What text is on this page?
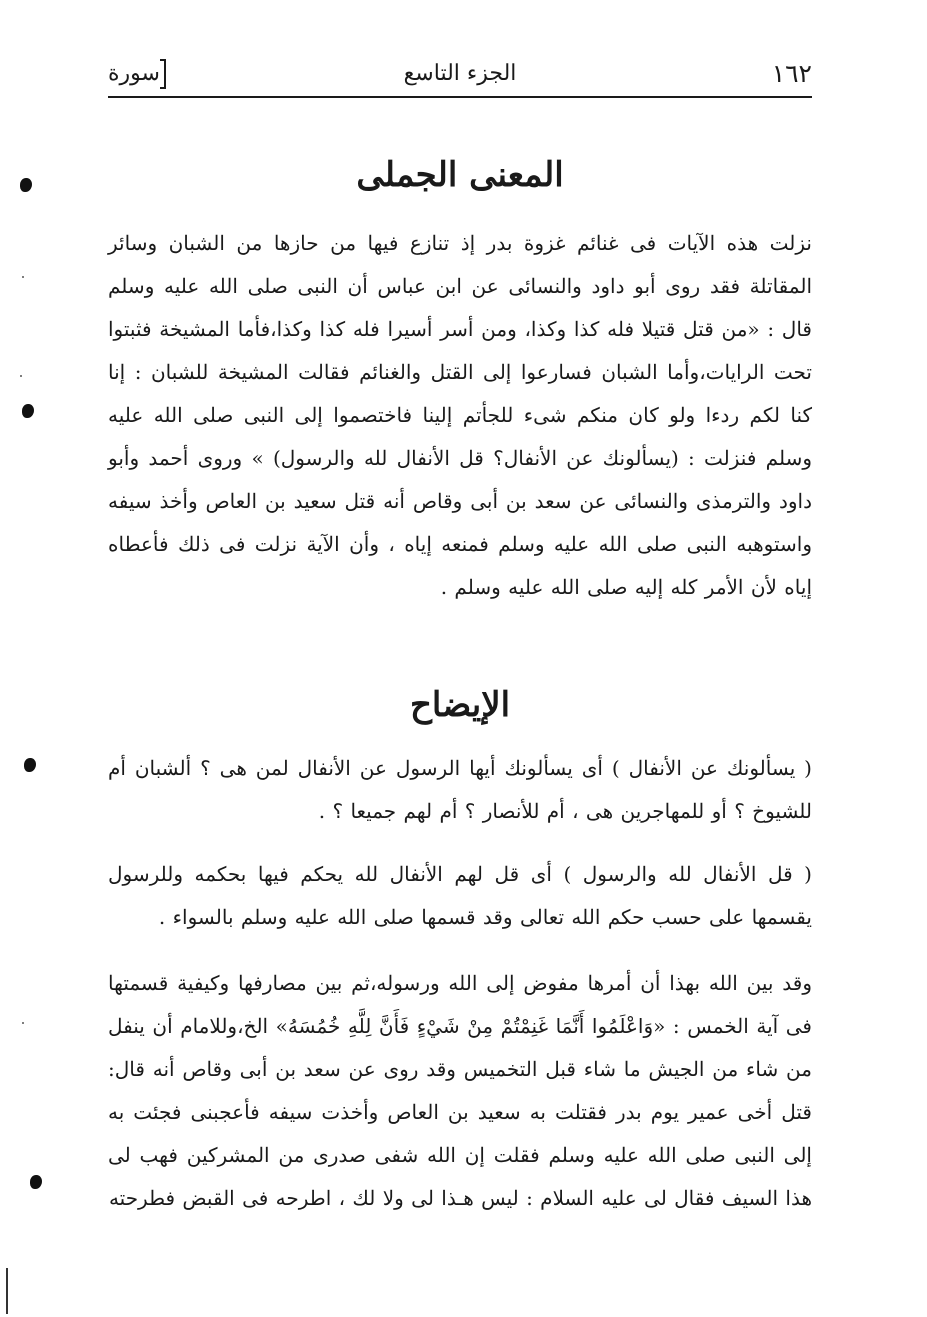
١٦٢
الجزء التاسع
سورة
المعنى الجملى

نزلت هذه الآيات فى غنائم غزوة بدر إذ تنازع فيها من حازها من الشبان وسائر المقاتلة فقد روى أبو داود والنسائى عن ابن عباس أن النبى صلى الله عليه وسلم قال : «من قتل قتيلا فله كذا وكذا، ومن أسر أسيرا فله كذا وكذا،فأما المشيخة فثبتوا تحت الرايات،وأما الشبان فسارعوا إلى القتل والغنائم فقالت المشيخة للشبان : إنا كنا لكم ردءا ولو كان منكم شىء للجأتم إلينا فاختصموا إلى النبى صلى الله عليه وسلم فنزلت : (يسألونك عن الأنفال؟ قل الأنفال لله والرسول) » وروى أحمد وأبو داود والترمذى والنسائى عن سعد بن أبى وقاص أنه قتل سعيد بن العاص وأخذ سيفه واستوهبه النبى صلى الله عليه وسلم فمنعه إياه ، وأن الآية نزلت فى ذلك فأعطاه إياه لأن الأمر كله إليه صلى الله عليه وسلم .

الإيضاح

( يسألونك عن الأنفال ) أى يسألونك أيها الرسول عن الأنفال لمن هى ؟ ألشبان أم للشيوخ ؟ أو للمهاجرين هى ، أم للأنصار ؟ أم لهم جميعا ؟ .

( قل الأنفال لله والرسول ) أى قل لهم الأنفال لله يحكم فيها بحكمه وللرسول يقسمها على حسب حكم الله تعالى وقد قسمها صلى الله عليه وسلم بالسواء .

وقد بين الله بهذا أن أمرها مفوض إلى الله ورسوله،ثم بين مصارفها وكيفية قسمتها فى آية الخمس : «وَاعْلَمُوا أَنَّمَا غَنِمْتُمْ مِنْ شَيْءٍ فَأَنَّ لِلَّهِ خُمُسَهُ» الخ،وللامام أن ينفل من شاء من الجيش ما شاء قبل التخميس وقد روى عن سعد بن أبى وقاص أنه قال: قتل أخى عمير يوم بدر فقتلت به سعيد بن العاص وأخذت سيفه فأعجبنى فجئت به إلى النبى صلى الله عليه وسلم فقلت إن الله شفى صدرى من المشركين فهب لى هذا السيف فقال لى عليه السلام : ليس هـذا لى ولا لك ، اطرحه فى القبض فطرحته
